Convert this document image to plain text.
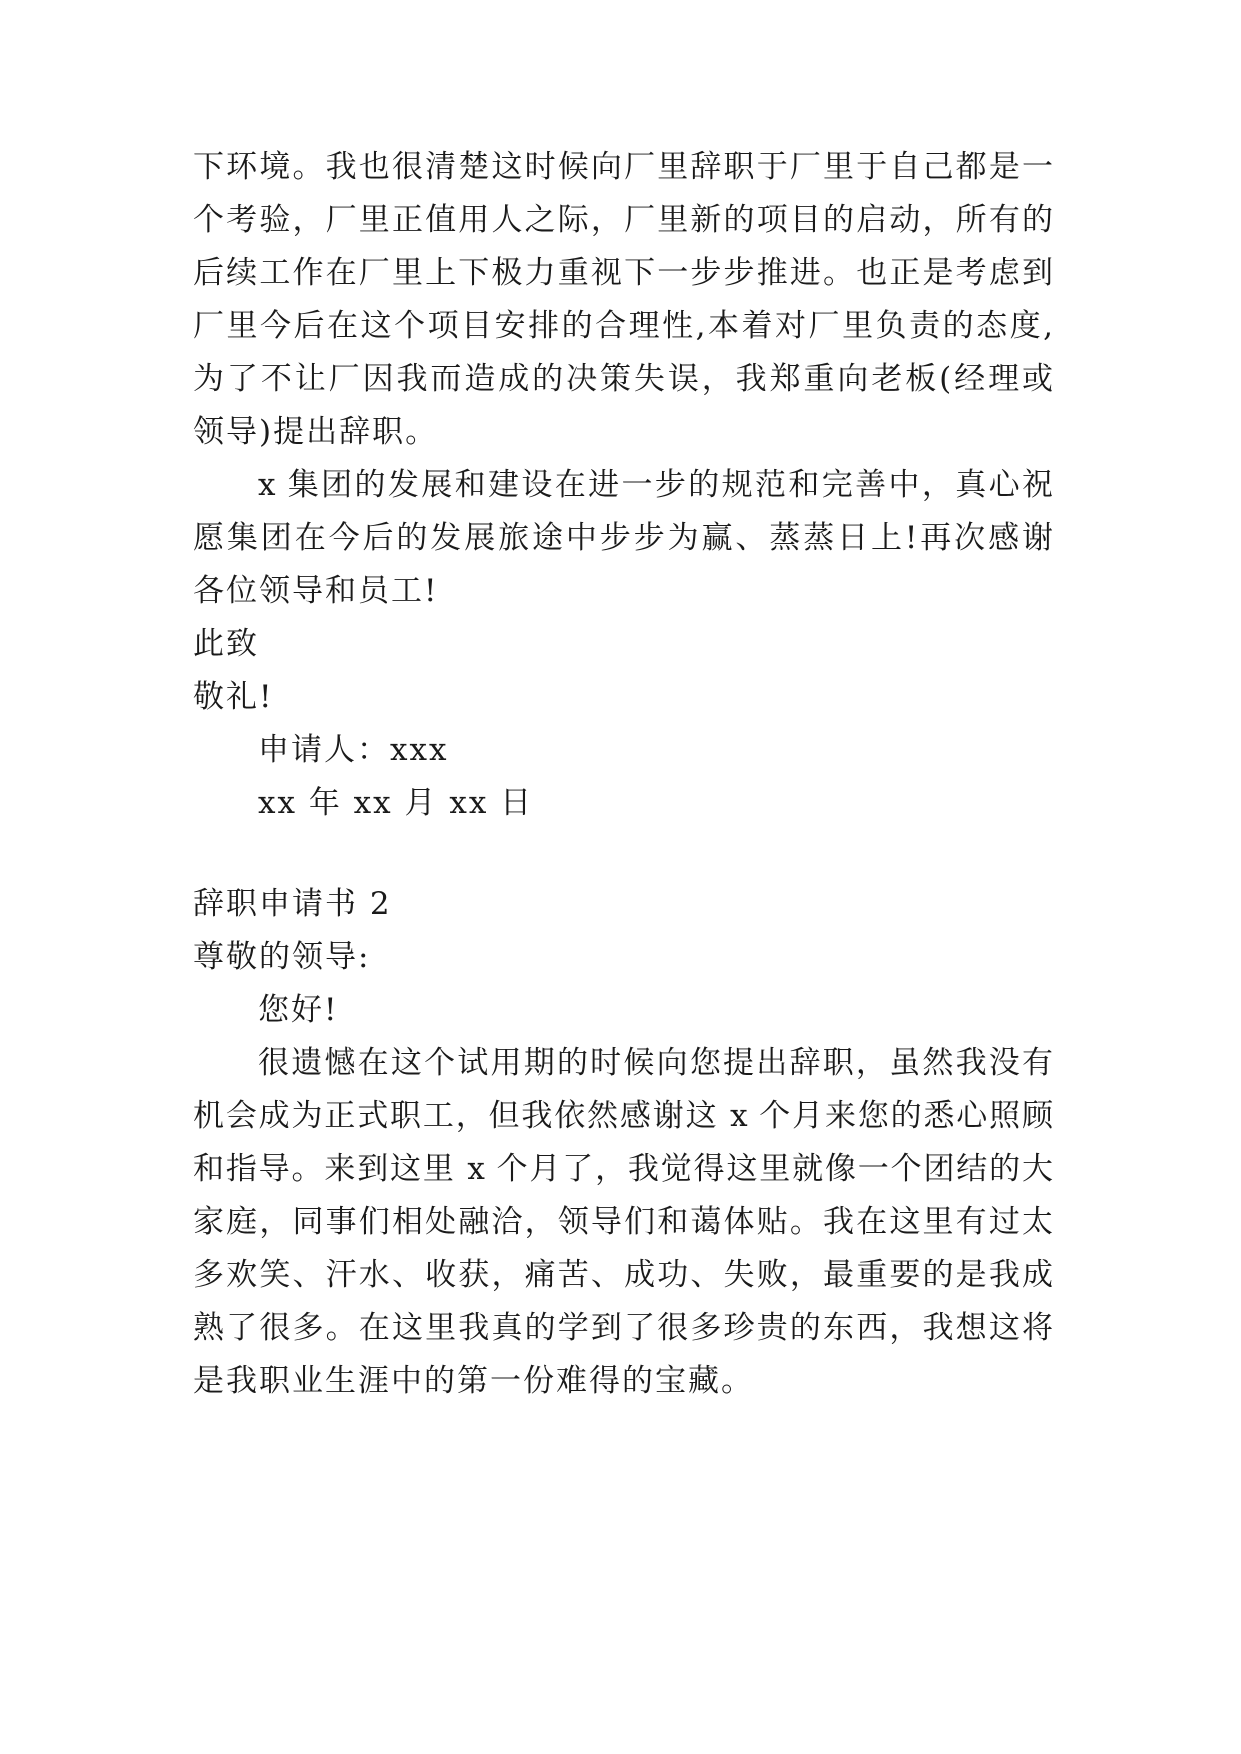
下环境。我也很清楚这时候向厂里辞职于厂里于自己都是一
个考验，厂里正值用人之际，厂里新的项目的启动，所有的
后续工作在厂里上下极力重视下一步步推进。也正是考虑到
厂里今后在这个项目安排的合理性,本着对厂里负责的态度,
为了不让厂因我而造成的决策失误，我郑重向老板(经理或
领导)提出辞职。
x 集团的发展和建设在进一步的规范和完善中，真心祝
愿集团在今后的发展旅途中步步为赢、蒸蒸日上!再次感谢
各位领导和员工!
此致
敬礼!
申请人：xxx
xx 年 xx 月 xx 日
辞职申请书 2
尊敬的领导:
您好!
很遗憾在这个试用期的时候向您提出辞职，虽然我没有
机会成为正式职工，但我依然感谢这 x 个月来您的悉心照顾
和指导。来到这里 x 个月了，我觉得这里就像一个团结的大
家庭，同事们相处融洽，领导们和蔼体贴。我在这里有过太
多欢笑、汗水、收获，痛苦、成功、失败，最重要的是我成
熟了很多。在这里我真的学到了很多珍贵的东西，我想这将
是我职业生涯中的第一份难得的宝藏。
